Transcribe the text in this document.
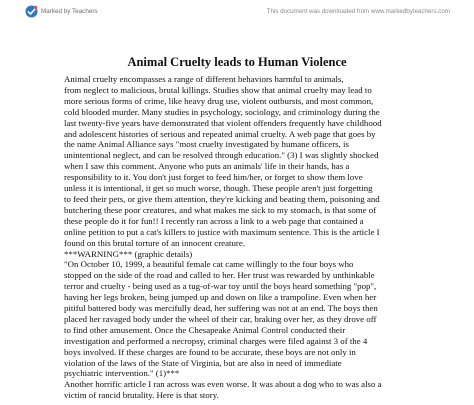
Marked by Teachers	This document was downloaded from www.markedbyteachers.com
Animal Cruelty leads to Human Violence
Animal cruelty encompasses a range of different behaviors harmful to animals,
from neglect to malicious, brutal killings. Studies show that animal cruelty may lead to
more serious forms of crime, like heavy drug use, violent outbursts, and most common,
cold blooded murder. Many studies in psychology, sociology, and criminology during the
last twenty-five years have demonstrated that violent offenders frequently have childhood
and adolescent histories of serious and repeated animal cruelty. A web page that goes by
the name Animal Alliance says "most cruelty investigated by humane officers, is
unintentional neglect, and can be resolved through education." (3) I was slightly shocked
when I saw this comment. Anyone who puts an animals' life in their hands, has a
responsibility to it. You don't just forget to feed him/her, or forget to show them love
unless it is intentional, it get so much worse, though. These people aren't just forgetting
to feed their pets, or give them attention, they're kicking and beating them, poisoning and
butchering these poor creatures, and what makes me sick to my stomach, is that some of
these people do it for fun!! I recently ran across a link to a web page that contained a
online petition to put a cat's killers to justice with maximum sentence. This is the article I
found on this brutal torture of an innocent creature.
***WARNING*** (graphic details)
"On October 10, 1999, a beautiful female cat came willingly to the four boys who
stopped on the side of the road and called to her. Her trust was rewarded by unthinkable
terror and cruelty - being used as a tug-of-war toy until the boys heard something "pop",
having her legs broken, being jumped up and down on like a trampoline. Even when her
pitiful battered body was mercifully dead, her suffering was not at an end. The boys then
placed her ravaged body under the wheel of their car, braking over her, as they drove off
to find other amusement. Once the Chesapeake Animal Control conducted their
investigation and performed a necropsy, criminal charges were filed against 3 of the 4
boys involved. If these charges are found to be accurate, these boys are not only in
violation of the laws of the State of Virginia, but are also in need of immediate
psychiatric intervention." (1)***
Another horrific article I ran across was even worse. It was about a dog who to was also a
victim of rancid brutality. Here is that story.
